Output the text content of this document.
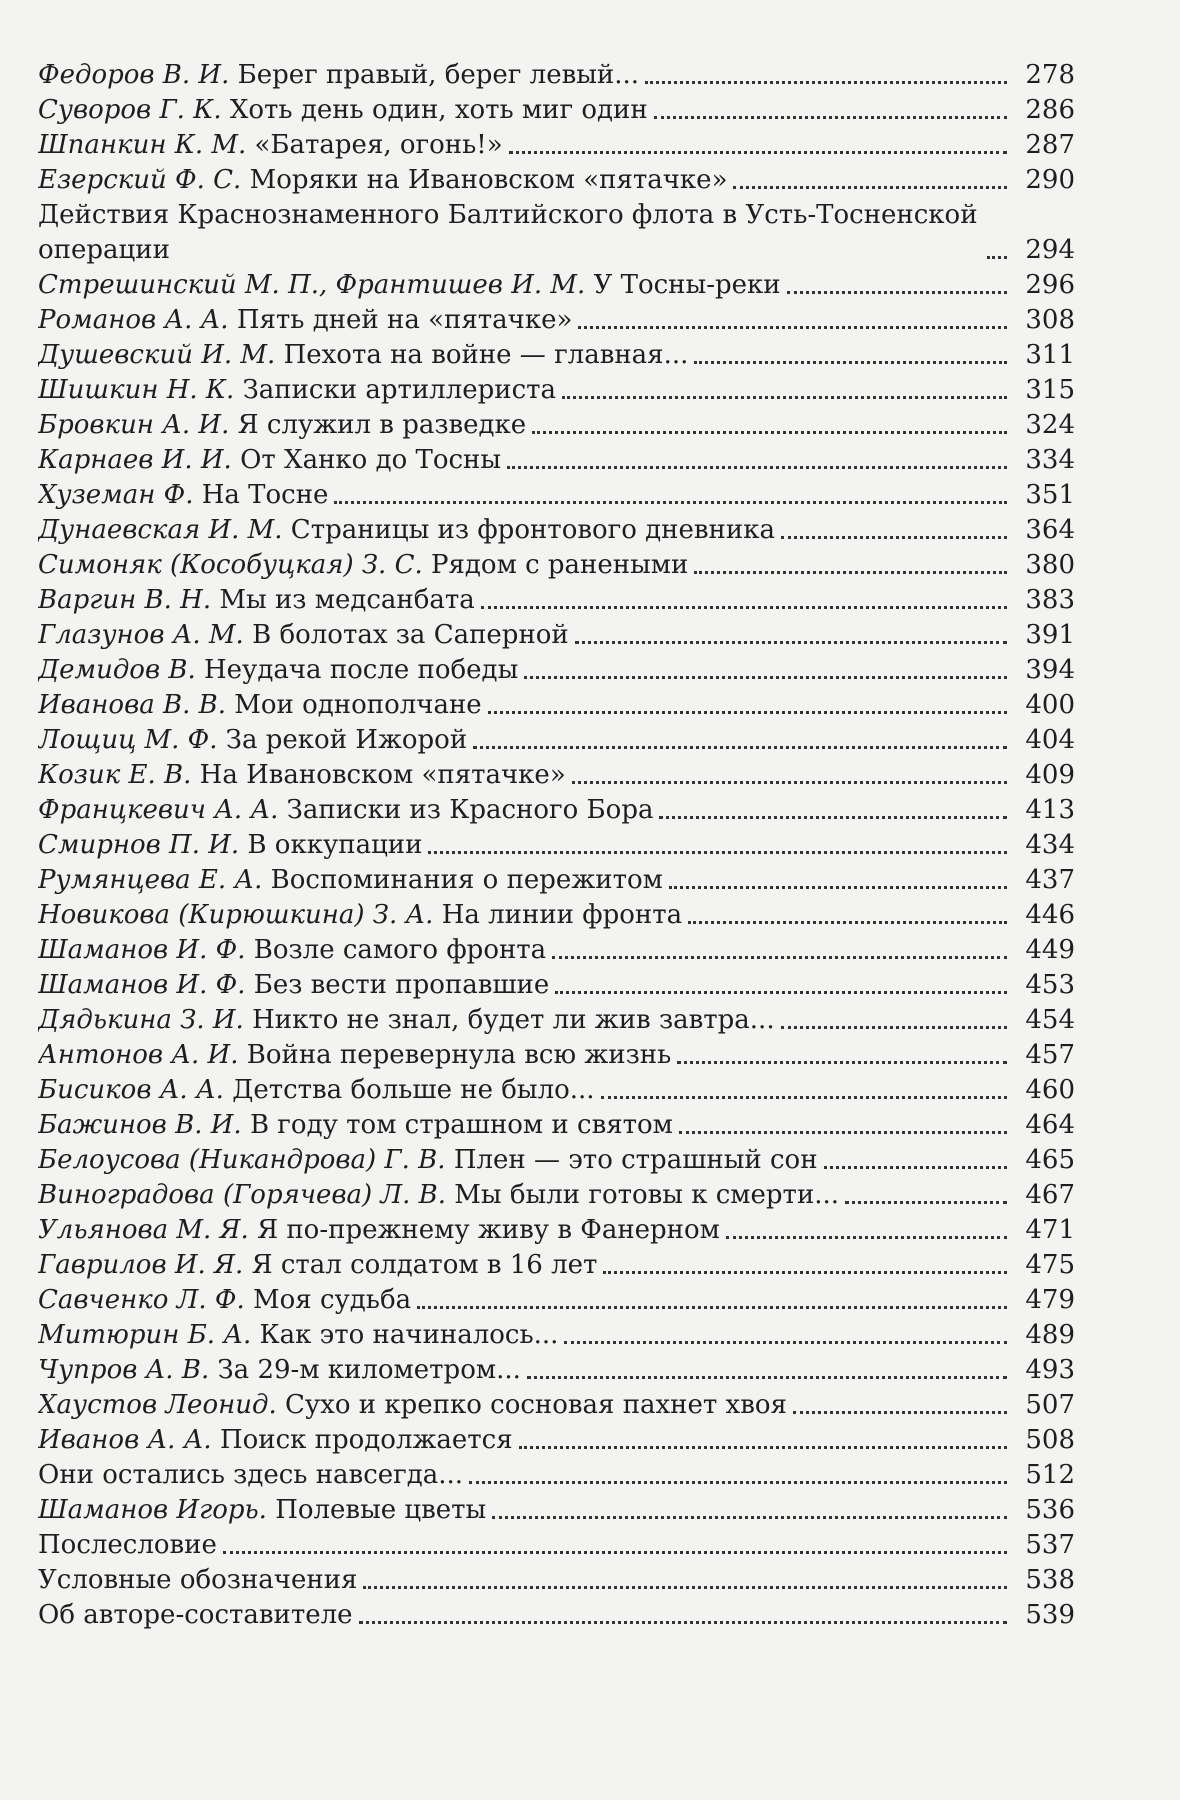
Федоров В. И. Берег правый, берег левый...	278
Суворов Г. К. Хоть день один, хоть миг один	286
Шпанкин К. М. «Батарея, огонь!»	287
Езерский Ф. С. Моряки на Ивановском «пятачке»	290
Действия Краснознаменного Балтийского флота в Усть-Тосненской операции	294
Стрешинский М. П., Франтишев И. М. У Тосны-реки	296
Романов А. А. Пять дней на «пятачке»	308
Душевский И. М. Пехота на войне — главная...	311
Шишкин Н. К. Записки артиллериста	315
Бровкин А. И. Я служил в разведке	324
Карнаев И. И. От Ханко до Тосны	334
Хуземан Ф. На Тосне	351
Дунаевская И. М. Страницы из фронтового дневника	364
Симоняк (Кособуцкая) З. С. Рядом с ранеными	380
Варгин В. Н. Мы из медсанбата	383
Глазунов А. М. В болотах за Саперной	391
Демидов В. Неудача после победы	394
Иванова В. В. Мои однополчане	400
Лощиц М. Ф. За рекой Ижорой	404
Козик Е. В. На Ивановском «пятачке»	409
Францкевич А. А. Записки из Красного Бора	413
Смирнов П. И. В оккупации	434
Румянцева Е. А. Воспоминания о пережитом	437
Новикова (Кирюшкина) З. А. На линии фронта	446
Шаманов И. Ф. Возле самого фронта	449
Шаманов И. Ф. Без вести пропавшие	453
Дядькина З. И. Никто не знал, будет ли жив завтра...	454
Антонов А. И. Война перевернула всю жизнь	457
Бисиков А. А. Детства больше не было...	460
Бажинов В. И. В году том страшном и святом	464
Белоусова (Никандрова) Г. В. Плен — это страшный сон	465
Виноградова (Горячева) Л. В. Мы были готовы к смерти...	467
Ульянова М. Я. Я по-прежнему живу в Фанерном	471
Гаврилов И. Я. Я стал солдатом в 16 лет	475
Савченко Л. Ф. Моя судьба	479
Митюрин Б. А. Как это начиналось...	489
Чупров А. В. За 29-м километром...	493
Хаустов Леонид. Сухо и крепко сосновая пахнет хвоя	507
Иванов А. А. Поиск продолжается	508
Они остались здесь навсегда...	512
Шаманов Игорь. Полевые цветы	536
Послесловие	537
Условные обозначения	538
Об авторе-составителе	539
